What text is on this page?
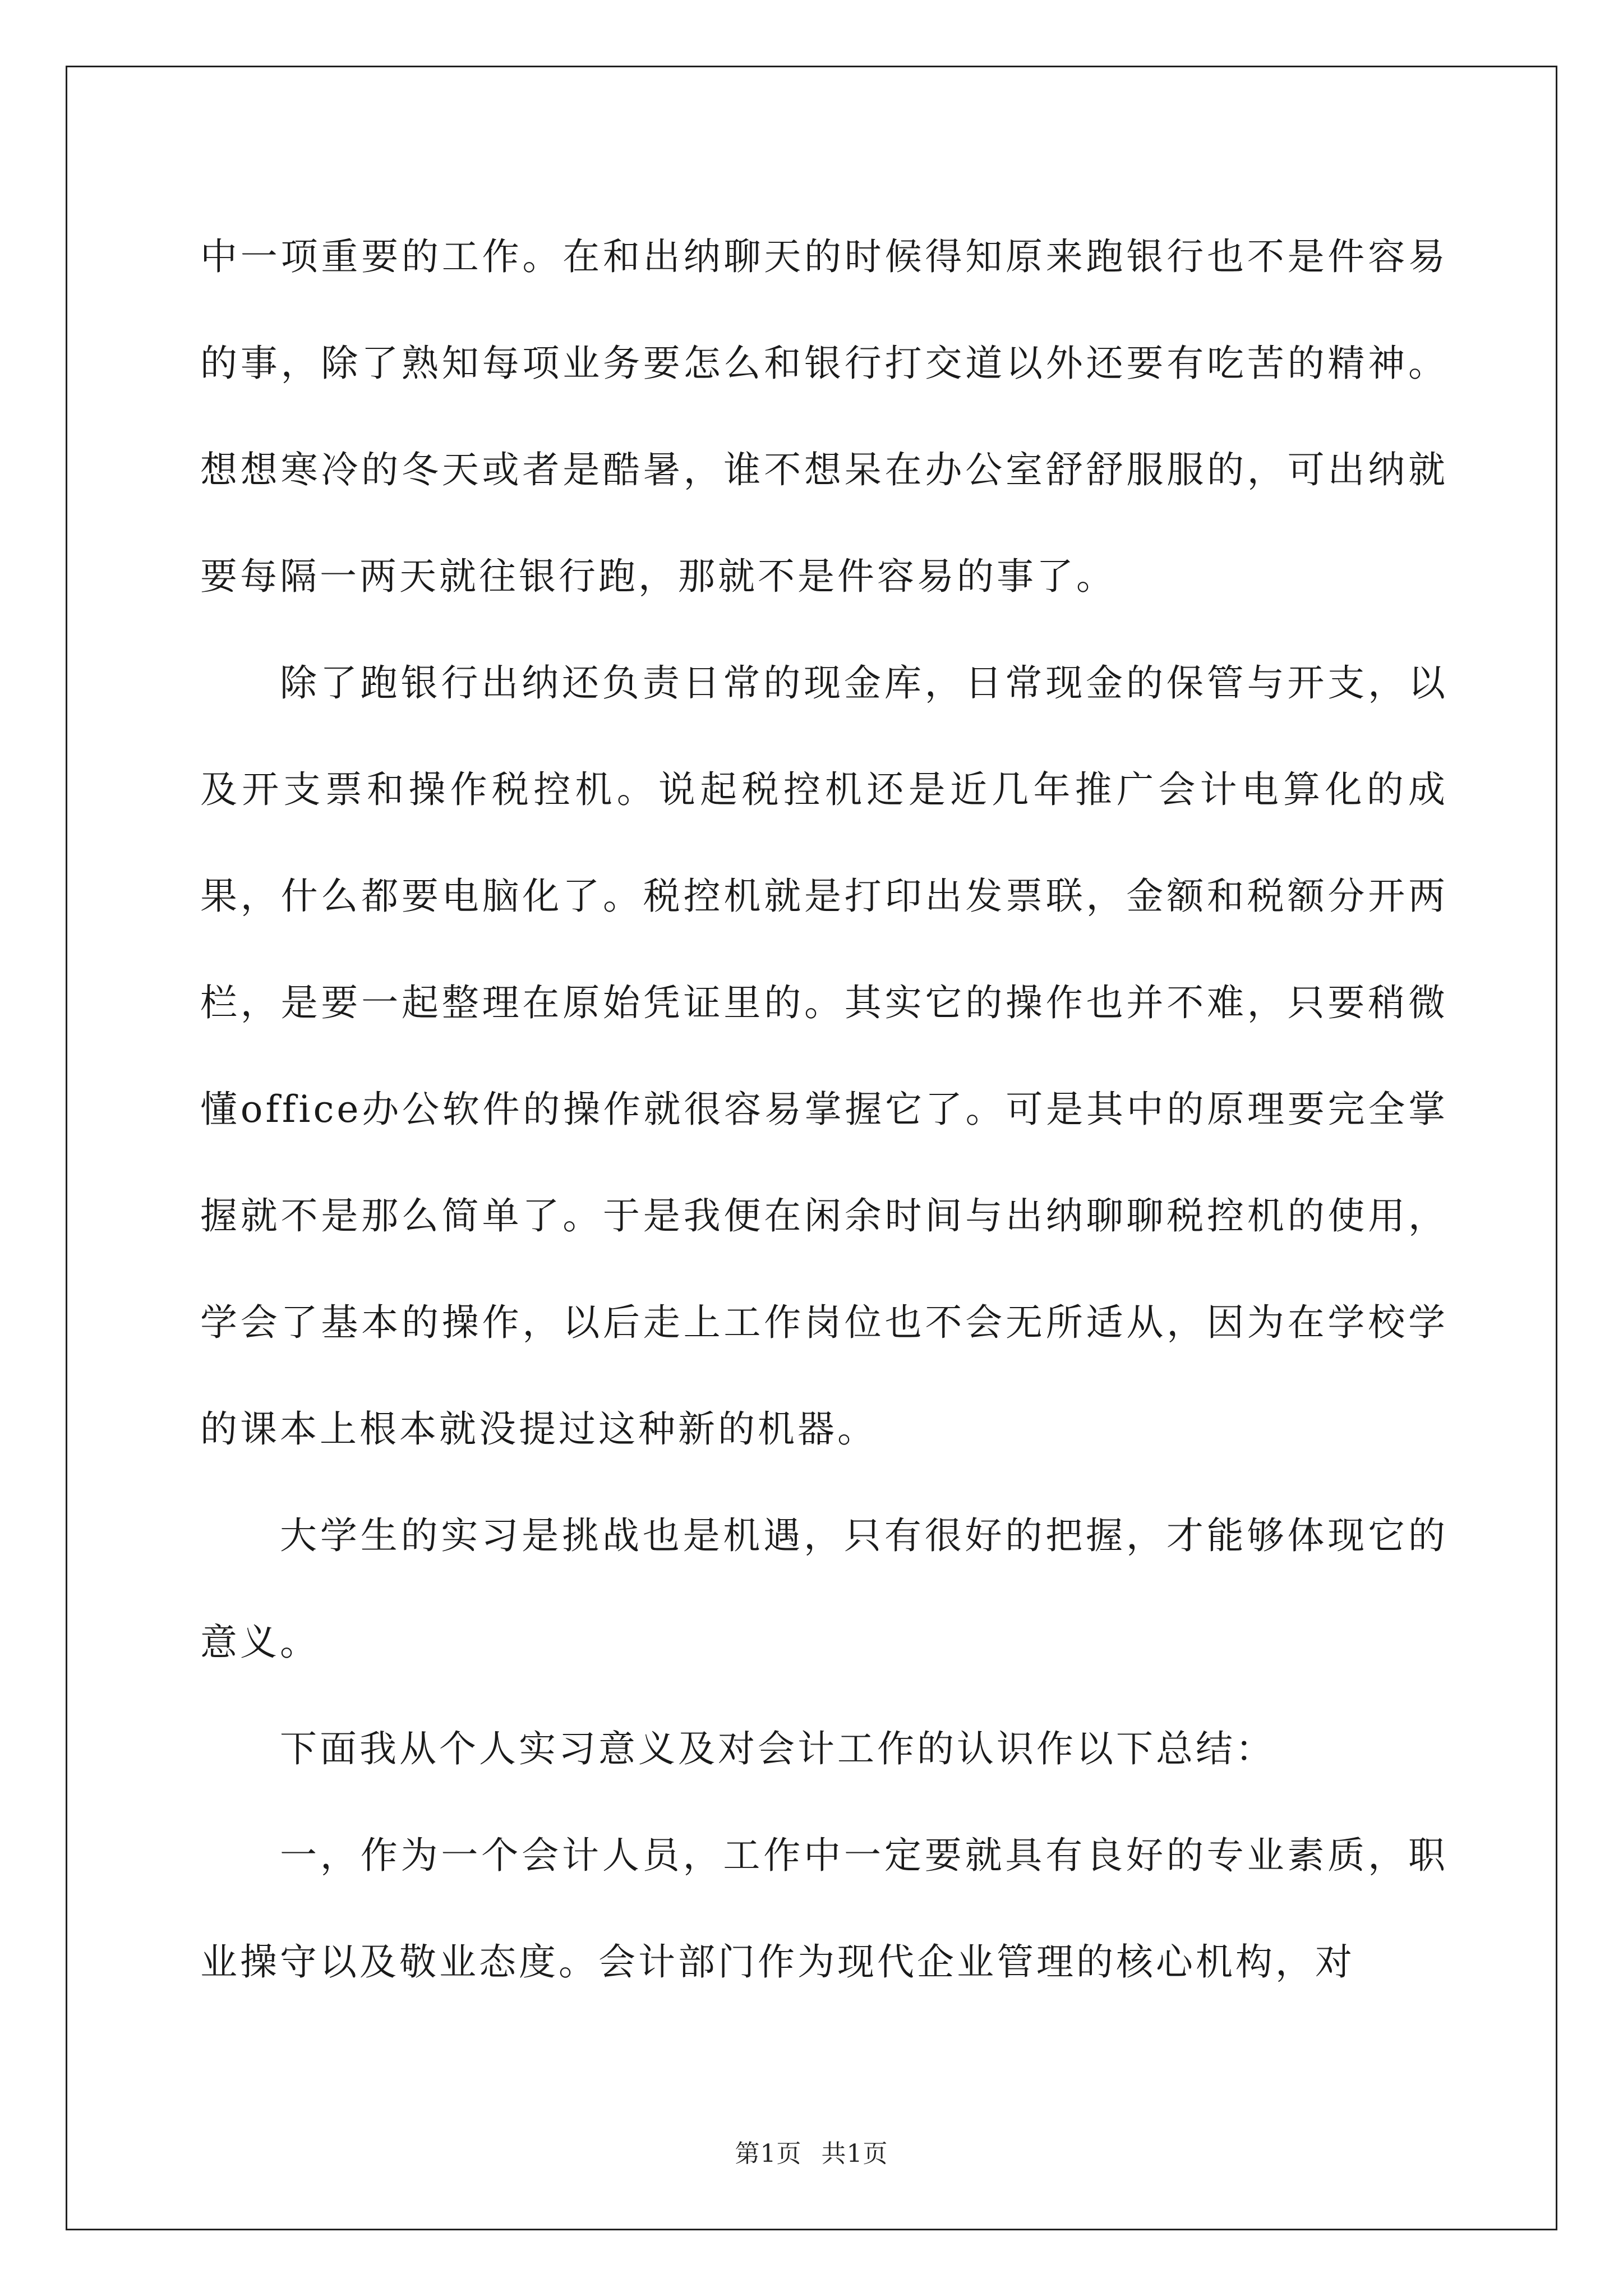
中一项重要的工作。在和出纳聊天的时候得知原来跑银行也不是件容易的事，除了熟知每项业务要怎么和银行打交道以外还要有吃苦的精神。想想寒冷的冬天或者是酷暑，谁不想呆在办公室舒舒服服的，可出纳就要每隔一两天就往银行跑，那就不是件容易的事了。

除了跑银行出纳还负责日常的现金库，日常现金的保管与开支，以及开支票和操作税控机。说起税控机还是近几年推广会计电算化的成果，什么都要电脑化了。税控机就是打印出发票联，金额和税额分开两栏，是要一起整理在原始凭证里的。其实它的操作也并不难，只要稍微懂office办公软件的操作就很容易掌握它了。可是其中的原理要完全掌握就不是那么简单了。于是我便在闲余时间与出纳聊聊税控机的使用，学会了基本的操作，以后走上工作岗位也不会无所适从，因为在学校学的课本上根本就没提过这种新的机器。

大学生的实习是挑战也是机遇，只有很好的把握，才能够体现它的意义。

下面我从个人实习意义及对会计工作的认识作以下总结：

一，作为一个会计人员，工作中一定要就具有良好的专业素质，职业操守以及敬业态度。会计部门作为现代企业管理的核心机构，对

第1页 共1页
